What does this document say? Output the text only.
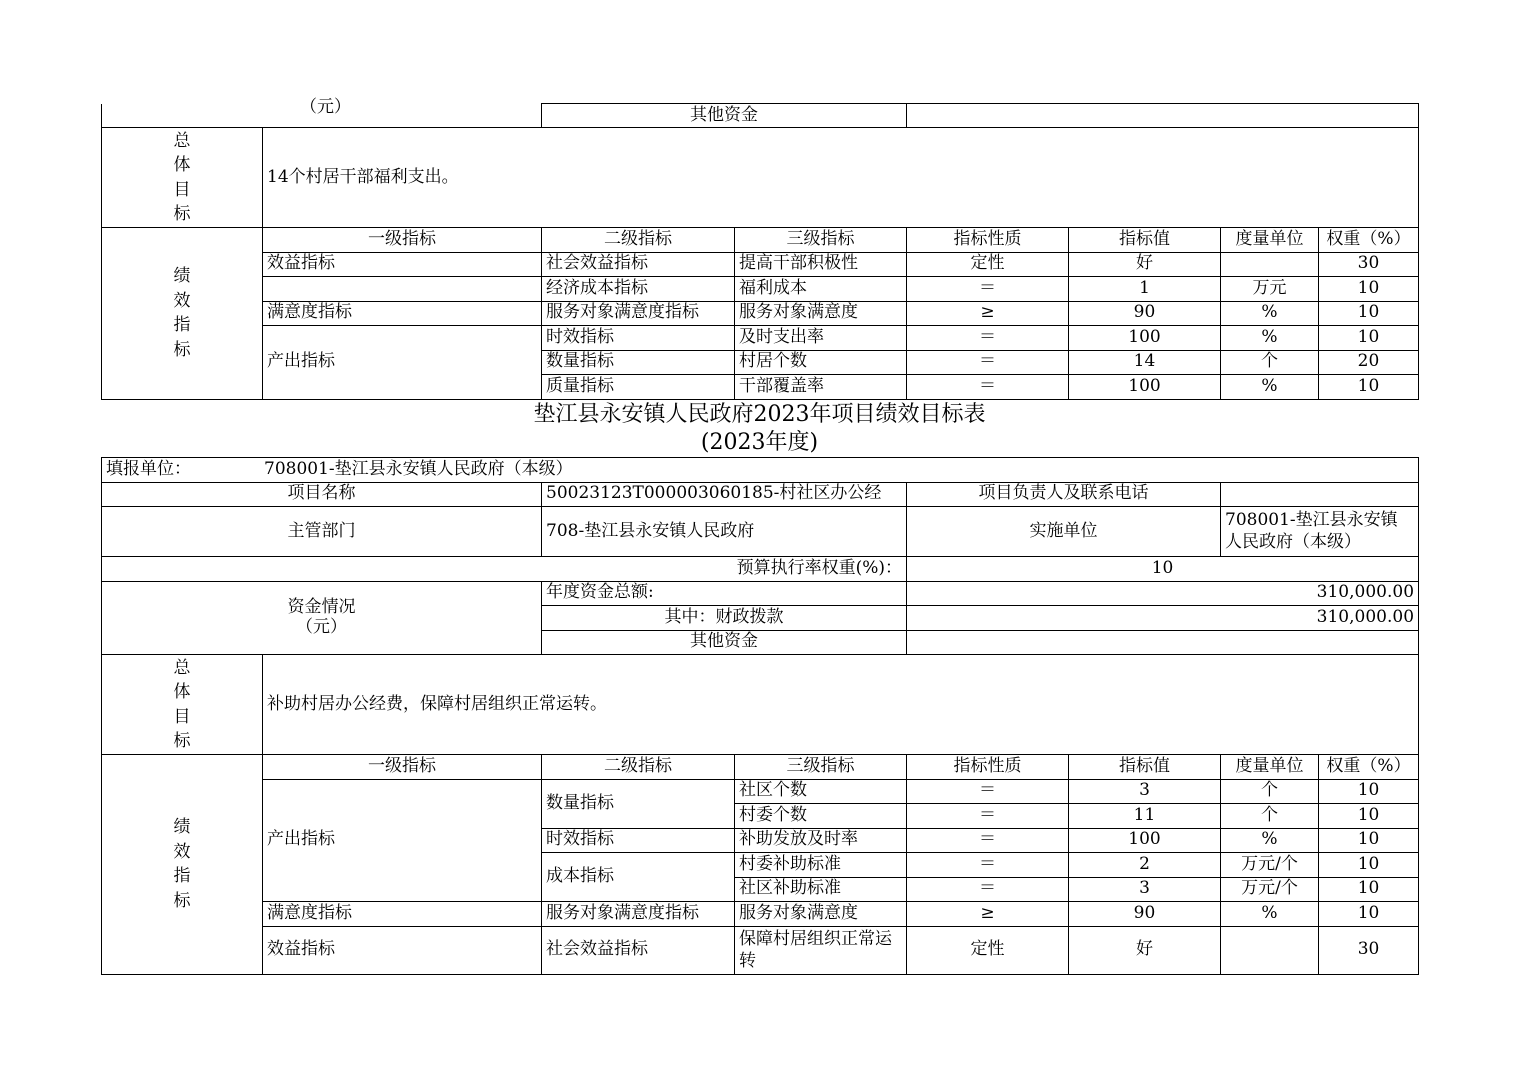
（元）
		其他资金					

总
体
目
标	14个村居干部福利支出。						

绩
效
指
标	一级指标	二级指标	三级指标	指标性质	指标值	度量单位	权重（%）
	效益指标	社会效益指标	提高干部积极性	定性	好		30
		经济成本指标	福利成本	＝	1	万元	10
	满意度指标	服务对象满意度指标	服务对象满意度	≥	90	%	10
	产出指标	时效指标	及时支出率	＝	100	%	10
		数量指标	村居个数	＝	14	个	20
		质量指标	干部覆盖率	＝	100	%	10
垫江县永安镇人民政府2023年项目绩效目标表
(2023年度)
填报单位： 708001-垫江县永安镇人民政府（本级）							
项目名称		50023123T000003060185-村社区办公经		项目负责人及联系电话			
主管部门		708-垫江县永安镇人民政府		实施单位		708001-垫江县永安镇人民政府（本级）	
预算执行率权重(%)：				10			

资金情况
（元）		年度资金总额:		310,000.00			
		其中：财政拨款		310,000.00			
		其他资金					

总
体
目
标	补助村居办公经费，保障村居组织正常运转。						

绩
效
指
标	一级指标	二级指标	三级指标	指标性质	指标值	度量单位	权重（%）
	产出指标	数量指标	社区个数	＝	3	个	10
			村委个数	＝	11	个	10
		时效指标	补助发放及时率	＝	100	%	10
		成本指标	村委补助标准	＝	2	万元/个	10
			社区补助标准	＝	3	万元/个	10
	满意度指标	服务对象满意度指标	服务对象满意度	≥	90	%	10
	效益指标	社会效益指标	保障村居组织正常运转	定性	好		30
